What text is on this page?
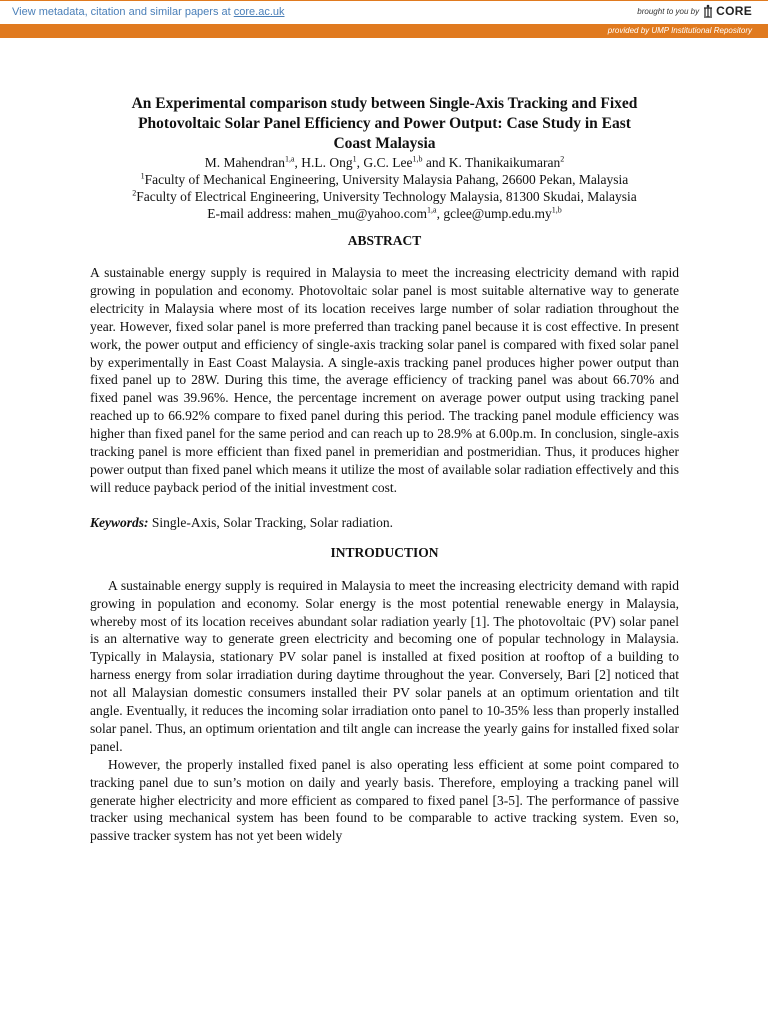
View metadata, citation and similar papers at core.ac.uk	brought to you by CORE
provided by UMP Institutional Repository

An Experimental comparison study between Single-Axis Tracking and Fixed
Photovoltaic Solar Panel Efficiency and Power Output: Case Study in East
Coast Malaysia

M. Mahendran$^{1,a}$, H.L. Ong$^1$, G.C. Lee$^{1,b}$ and K. Thanikaikumaran$^2$

$^1$Faculty of Mechanical Engineering, University Malaysia Pahang, 26600 Pekan, Malaysia

$^2$Faculty of Electrical Engineering, University Technology Malaysia, 81300 Skudai, Malaysia

E-mail address: mahen_mu@yahoo.com$^{1,a}$, gclee@ump.edu.my$^{1,b}$

ABSTRACT

A sustainable energy supply is required in Malaysia to meet the increasing electricity demand with rapid growing in population and economy. Photovoltaic solar panel is most suitable alternative way to generate electricity in Malaysia where most of its location receives large number of solar radiation throughout the year. However, fixed solar panel is more preferred than tracking panel because it is cost effective. In present work, the power output and efficiency of single-axis tracking solar panel is compared with fixed solar panel by experimentally in East Coast Malaysia. A single-axis tracking panel produces higher power output than fixed panel up to 28W. During this time, the average efficiency of tracking panel was about 66.70% and fixed panel was 39.96%. Hence, the percentage increment on average power output using tracking panel reached up to 66.92% compare to fixed panel during this period. The tracking panel module efficiency was higher than fixed panel for the same period and can reach up to 28.9% at 6.00p.m. In conclusion, single-axis tracking panel is more efficient than fixed panel in premeridian and postmeridian. Thus, it produces higher power output than fixed panel which means it utilize the most of available solar radiation effectively and this will reduce payback period of the initial investment cost.

Keywords: Single-Axis, Solar Tracking, Solar radiation.

INTRODUCTION

A sustainable energy supply is required in Malaysia to meet the increasing electricity demand with rapid growing in population and economy. Solar energy is the most potential renewable energy in Malaysia, whereby most of its location receives abundant solar radiation yearly [1]. The photovoltaic (PV) solar panel is an alternative way to generate green electricity and becoming one of popular technology in Malaysia. Typically in Malaysia, stationary PV solar panel is installed at fixed position at rooftop of a building to harness energy from solar irradiation during daytime throughout the year. Conversely, Bari [2] noticed that not all Malaysian domestic consumers installed their PV solar panels at an optimum orientation and tilt angle. Eventually, it reduces the incoming solar irradiation onto panel to 10-35% less than properly installed solar panel. Thus, an optimum orientation and tilt angle can increase the yearly gains for installed fixed solar panel.

However, the properly installed fixed panel is also operating less efficient at some point compared to tracking panel due to sun’s motion on daily and yearly basis. Therefore, employing a tracking panel will generate higher electricity and more efficient as compared to fixed panel [3-5]. The performance of passive tracker using mechanical system has been found to be comparable to active tracking system. Even so, passive tracker system has not yet been widely
